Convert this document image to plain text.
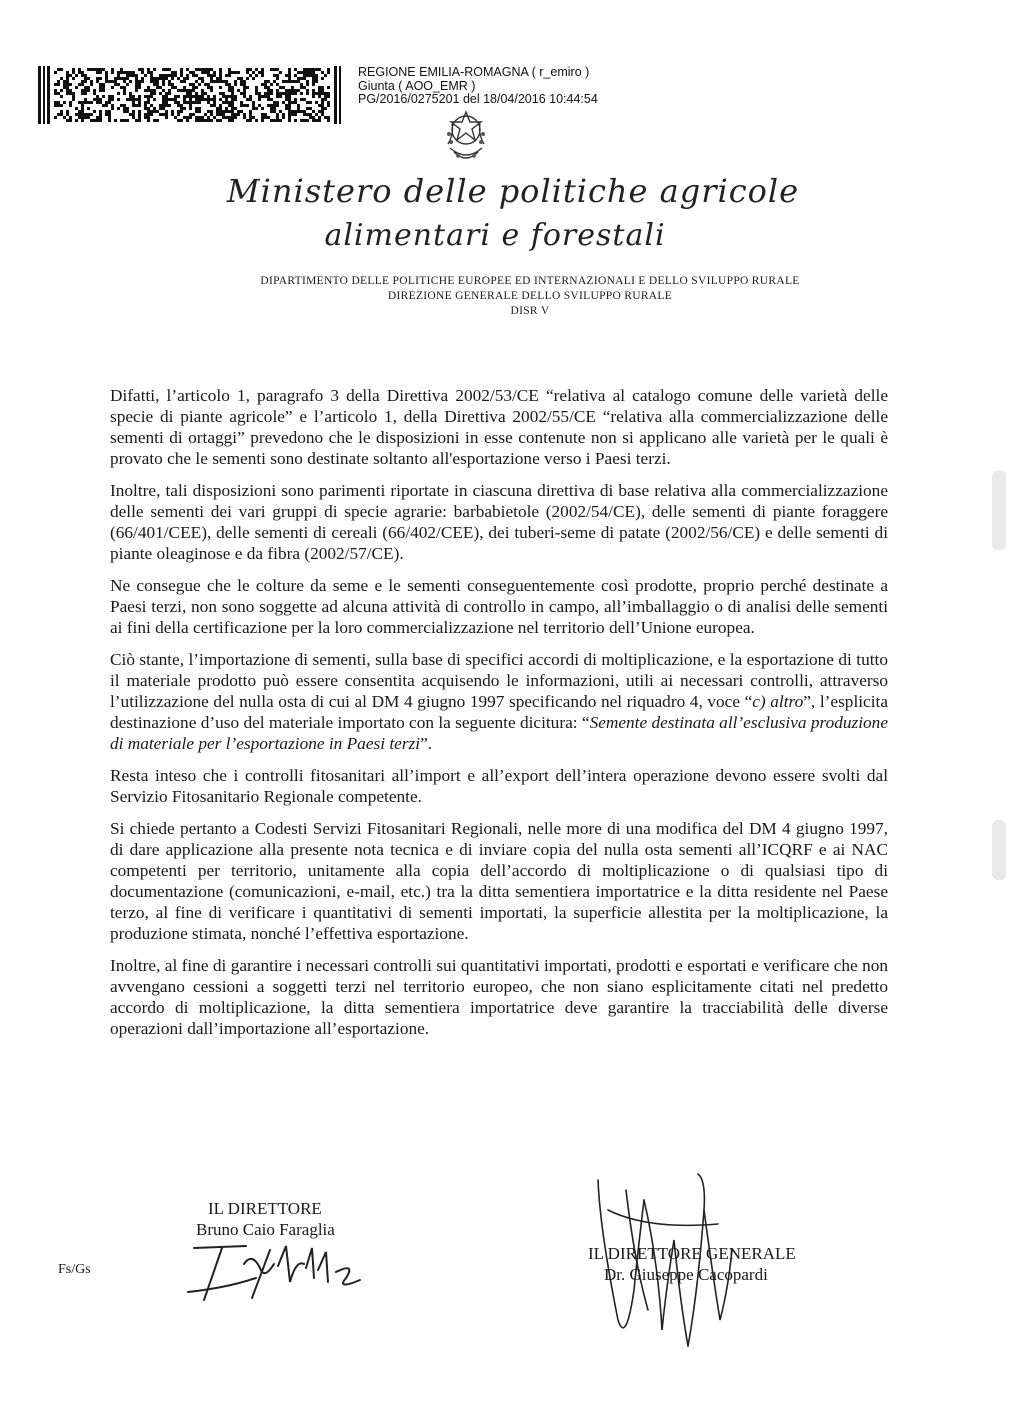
REGIONE EMILIA-ROMAGNA ( r_emiro )
Giunta ( AOO_EMR )
PG/2016/0275201 del 18/04/2016 10:44:54
Ministero delle politiche agricole
alimentari e forestali
DIPARTIMENTO DELLE POLITICHE EUROPEE ED INTERNAZIONALI E DELLO SVILUPPO RURALE
DIREZIONE GENERALE DELLO SVILUPPO RURALE
DISR V

Difatti, l’articolo 1, paragrafo 3 della Direttiva 2002/53/CE “relativa al catalogo comune delle varietà delle specie di piante agricole” e l’articolo 1, della Direttiva 2002/55/CE “relativa alla commercializzazione delle sementi di ortaggi” prevedono che le disposizioni in esse contenute non si applicano alle varietà per le quali è provato che le sementi sono destinate soltanto all'esportazione verso i Paesi terzi.

Inoltre, tali disposizioni sono parimenti riportate in ciascuna direttiva di base relativa alla commercializzazione delle sementi dei vari gruppi di specie agrarie: barbabietole (2002/54/CE), delle sementi di piante foraggere (66/401/CEE), delle sementi di cereali (66/402/CEE), dei tuberi-seme di patate (2002/56/CE) e delle sementi di piante oleaginose e da fibra (2002/57/CE).

Ne consegue che le colture da seme e le sementi conseguentemente così prodotte, proprio perché destinate a Paesi terzi, non sono soggette ad alcuna attività di controllo in campo, all’imballaggio o di analisi delle sementi ai fini della certificazione per la loro commercializzazione nel territorio dell’Unione europea.

Ciò stante, l’importazione di sementi, sulla base di specifici accordi di moltiplicazione, e la esportazione di tutto il materiale prodotto può essere consentita acquisendo le informazioni, utili ai necessari controlli, attraverso l’utilizzazione del nulla osta di cui al DM 4 giugno 1997 specificando nel riquadro 4, voce “c) altro”, l’esplicita destinazione d’uso del materiale importato con la seguente dicitura: “Semente destinata all’esclusiva produzione di materiale per l’esportazione in Paesi terzi”.

Resta inteso che i controlli fitosanitari all’import e all’export dell’intera operazione devono essere svolti dal Servizio Fitosanitario Regionale competente.

Si chiede pertanto a Codesti Servizi Fitosanitari Regionali, nelle more di una modifica del DM 4 giugno 1997, di dare applicazione alla presente nota tecnica e di inviare copia del nulla osta sementi all’ICQRF e ai NAC competenti per territorio, unitamente alla copia dell’accordo di moltiplicazione o di qualsiasi tipo di documentazione (comunicazioni, e-mail, etc.) tra la ditta sementiera importatrice e la ditta residente nel Paese terzo, al fine di verificare i quantitativi di sementi importati, la superficie allestita per la moltiplicazione, la produzione stimata, nonché l’effettiva esportazione.

Inoltre, al fine di garantire i necessari controlli sui quantitativi importati, prodotti e esportati e verificare che non avvengano cessioni a soggetti terzi nel territorio europeo, che non siano esplicitamente citati nel predetto accordo di moltiplicazione, la ditta sementiera importatrice deve garantire la tracciabilità delle diverse operazioni dall’importazione all’esportazione.

IL DIRETTORE
Bruno Caio Faraglia
IL DIRETTORE GENERALE
Dr. Giuseppe Cacopardi
Fs/Gs
